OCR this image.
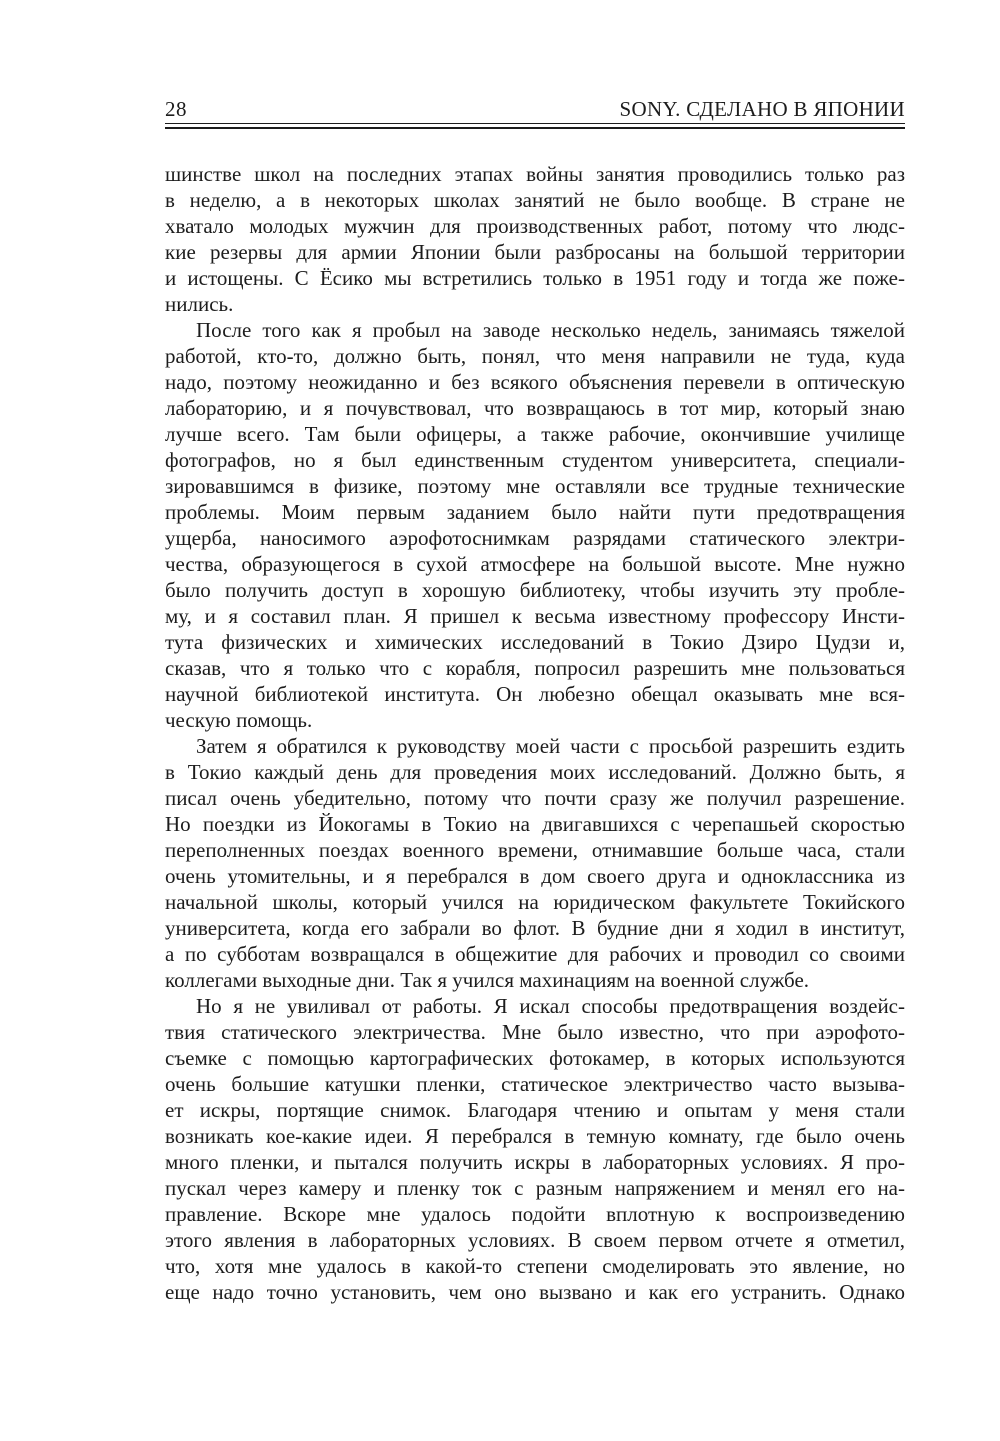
28	SONY. СДЕЛАНО В ЯПОНИИ
шинстве школ на последних этапах войны занятия проводились только раз
в неделю, а в некоторых школах занятий не было вообще. В стране не
хватало молодых мужчин для производственных работ, потому что людс-
кие резервы для армии Японии были разбросаны на большой территории
и истощены. С Ёсико мы встретились только в 1951 году и тогда же поже-
нились.
После того как я пробыл на заводе несколько недель, занимаясь тяжелой
работой, кто-то, должно быть, понял, что меня направили не туда, куда
надо, поэтому неожиданно и без всякого объяснения перевели в оптическую
лабораторию, и я почувствовал, что возвращаюсь в тот мир, который знаю
лучше всего. Там были офицеры, а также рабочие, окончившие училище
фотографов, но я был единственным студентом университета, специали-
зировавшимся в физике, поэтому мне оставляли все трудные технические
проблемы. Моим первым заданием было найти пути предотвращения
ущерба, наносимого аэрофотоснимкам разрядами статического электри-
чества, образующегося в сухой атмосфере на большой высоте. Мне нужно
было получить доступ в хорошую библиотеку, чтобы изучить эту пробле-
му, и я составил план. Я пришел к весьма известному профессору Инсти-
тута физических и химических исследований в Токио Дзиро Цудзи и,
сказав, что я только что с корабля, попросил разрешить мне пользоваться
научной библиотекой института. Он любезно обещал оказывать мне вся-
ческую помощь.
Затем я обратился к руководству моей части с просьбой разрешить ездить
в Токио каждый день для проведения моих исследований. Должно быть, я
писал очень убедительно, потому что почти сразу же получил разрешение.
Но поездки из Йокогамы в Токио на двигавшихся с черепашьей скоростью
переполненных поездах военного времени, отнимавшие больше часа, стали
очень утомительны, и я перебрался в дом своего друга и одноклассника из
начальной школы, который учился на юридическом факультете Токийского
университета, когда его забрали во флот. В будние дни я ходил в институт,
а по субботам возвращался в общежитие для рабочих и проводил со своими
коллегами выходные дни. Так я учился махинациям на военной службе.
Но я не увиливал от работы. Я искал способы предотвращения воздейс-
твия статического электричества. Мне было известно, что при аэрофото-
съемке с помощью картографических фотокамер, в которых используются
очень большие катушки пленки, статическое электричество часто вызыва-
ет искры, портящие снимок. Благодаря чтению и опытам у меня стали
возникать кое-какие идеи. Я перебрался в темную комнату, где было очень
много пленки, и пытался получить искры в лабораторных условиях. Я про-
пускал через камеру и пленку ток с разным напряжением и менял его на-
правление. Вскоре мне удалось подойти вплотную к воспроизведению
этого явления в лабораторных условиях. В своем первом отчете я отметил,
что, хотя мне удалось в какой-то степени смоделировать это явление, но
еще надо точно установить, чем оно вызвано и как его устранить. Однако
